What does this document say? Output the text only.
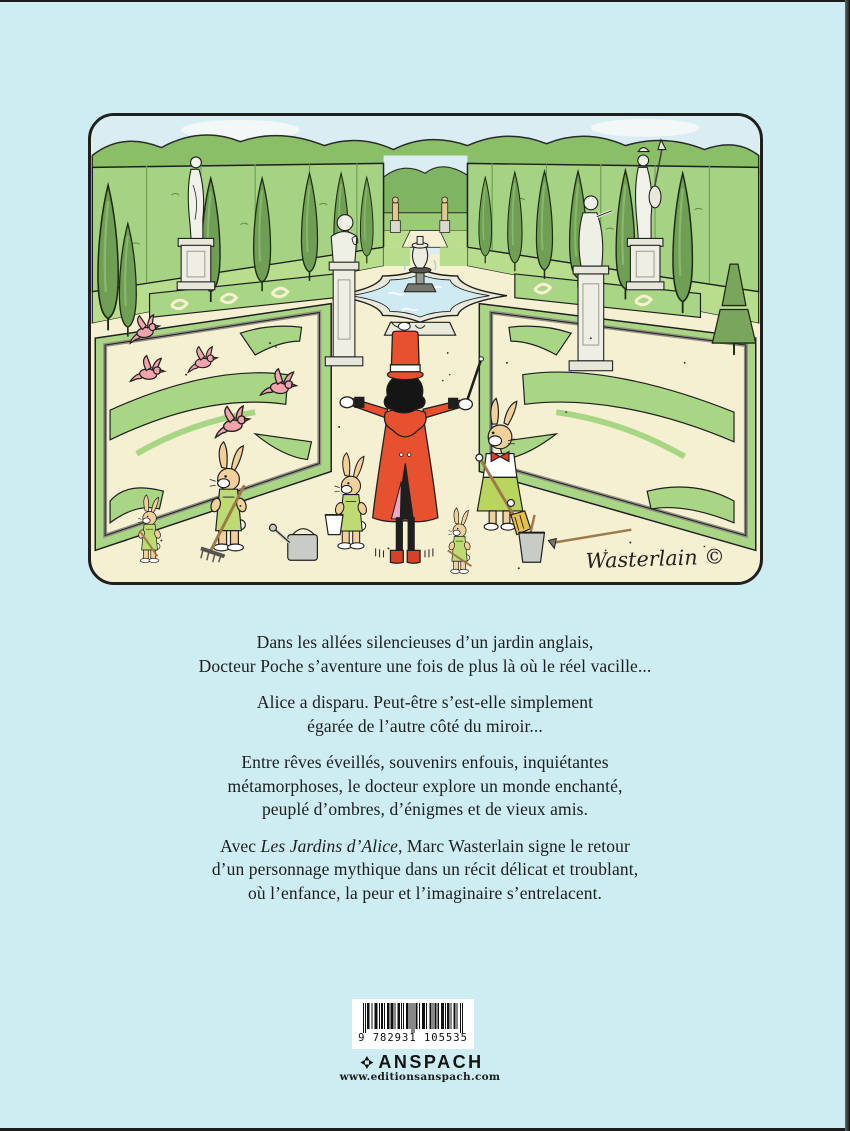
Wasterlain ©

Dans les allées silencieuses d’un jardin anglais,
Docteur Poche s’aventure une fois de plus là où le réel vacille...

Alice a disparu. Peut-être s’est-elle simplement
égarée de l’autre côté du miroir...

Entre rêves éveillés, souvenirs enfouis, inquiétantes
métamorphoses, le docteur explore un monde enchanté,
peuplé d’ombres, d’énigmes et de vieux amis.

Avec Les Jardins d’Alice, Marc Wasterlain signe le retour
d’un personnage mythique dans un récit délicat et troublant,
où l’enfance, la peur et l’imaginaire s’entrelacent.

9 782931 105535
ANSPACH
www.editionsanspach.com
